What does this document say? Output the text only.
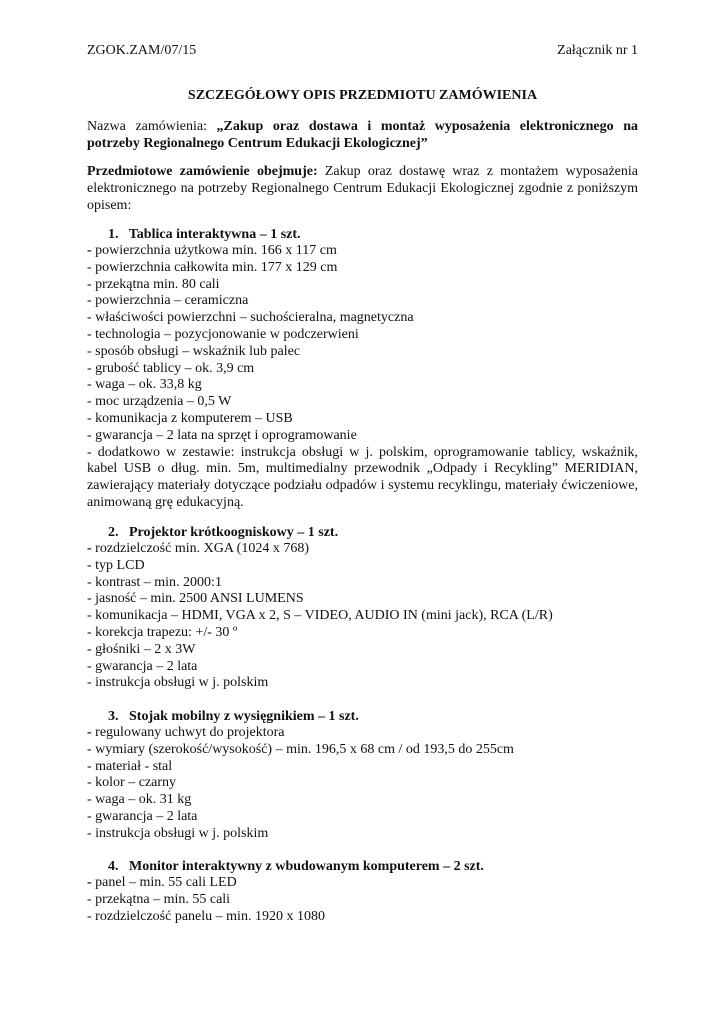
ZGOK.ZAM/07/15	Załącznik nr 1
SZCZEGÓŁOWY OPIS PRZEDMIOTU ZAMÓWIENIA
Nazwa zamówienia: „Zakup oraz dostawa i montaż wyposażenia elektronicznego na potrzeby Regionalnego Centrum Edukacji Ekologicznej”
Przedmiotowe zamówienie obejmuje: Zakup oraz dostawę wraz z montażem wyposażenia elektronicznego na potrzeby Regionalnego Centrum Edukacji Ekologicznej zgodnie z poniższym opisem:
1.   Tablica interaktywna – 1 szt.
- powierzchnia użytkowa min. 166 x 117 cm
- powierzchnia całkowita min. 177 x 129 cm
- przekątna min. 80 cali
- powierzchnia – ceramiczna
- właściwości powierzchni – suchościeralna, magnetyczna
- technologia – pozycjonowanie w podczerwieni
- sposób obsługi – wskaźnik lub palec
- grubość tablicy – ok. 3,9 cm
- waga – ok. 33,8 kg
- moc urządzenia – 0,5 W
- komunikacja z komputerem – USB
- gwarancja – 2 lata na sprzęt i oprogramowanie
- dodatkowo w zestawie: instrukcja obsługi w j. polskim, oprogramowanie tablicy, wskaźnik, kabel USB o dług. min. 5m, multimedialny przewodnik „Odpady i Recykling” MERIDIAN, zawierający materiały dotyczące podziału odpadów i systemu recyklingu, materiały ćwiczeniowe, animowaną grę edukacyjną.
2.   Projektor krótkoogniskowy – 1 szt.
- rozdzielczość min. XGA (1024 x 768)
- typ LCD
- kontrast – min. 2000:1
- jasność – min. 2500 ANSI LUMENS
- komunikacja – HDMI, VGA x 2, S – VIDEO, AUDIO IN (mini jack), RCA (L/R)
- korekcja trapezu: +/- 30 º
- głośniki – 2 x 3W
- gwarancja – 2 lata
- instrukcja obsługi w j. polskim
3.   Stojak mobilny z wysięgnikiem – 1 szt.
- regulowany uchwyt do projektora
- wymiary (szerokość/wysokość) – min. 196,5 x 68 cm / od 193,5 do 255cm
- materiał - stal
- kolor – czarny
- waga – ok. 31 kg
- gwarancja – 2 lata
- instrukcja obsługi w j. polskim
4.   Monitor interaktywny z wbudowanym komputerem – 2 szt.
- panel – min. 55 cali LED
- przekątna – min. 55 cali
- rozdzielczość panelu – min. 1920 x 1080
